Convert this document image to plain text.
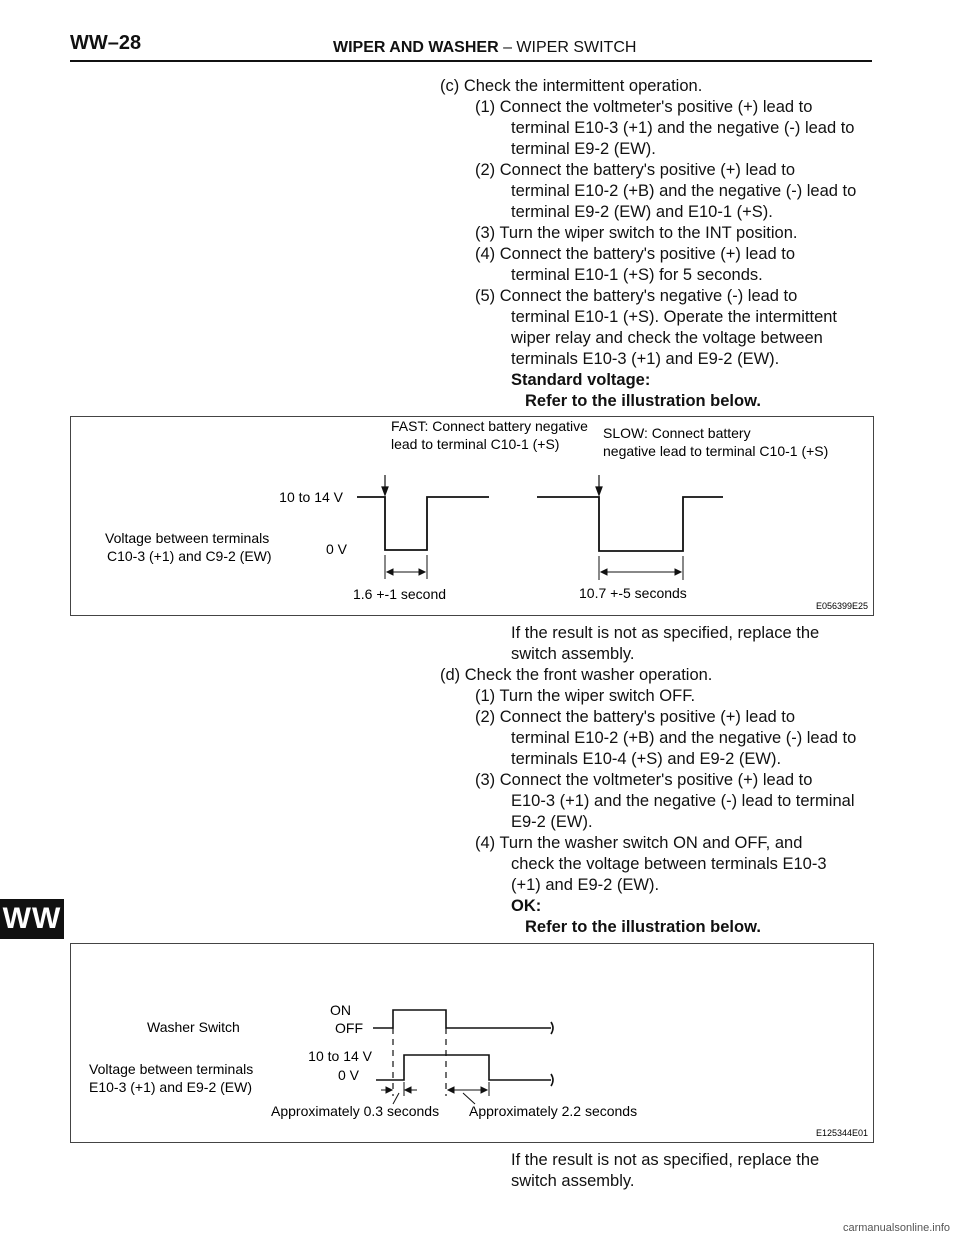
WW–28	WIPER AND WASHER – WIPER SWITCH
WW
(c) Check the intermittent operation.
(1) Connect the voltmeter's positive (+) lead to
terminal E10-3 (+1) and the negative (-) lead to
terminal E9-2 (EW).
(2) Connect the battery's positive (+) lead to
terminal E10-2 (+B) and the negative (-) lead to
terminal E9-2 (EW) and E10-1 (+S).
(3) Turn the wiper switch to the INT position.
(4) Connect the battery's positive (+) lead to
terminal E10-1 (+S) for 5 seconds.
(5) Connect the battery's negative (-) lead to
terminal E10-1 (+S). Operate the intermittent
wiper relay and check the voltage between
terminals E10-3 (+1) and E9-2 (EW).
Standard voltage:
Refer to the illustration below.
FAST: Connect battery negative
lead to terminal C10-1 (+S)
SLOW: Connect battery
negative lead to terminal C10-1 (+S)
10 to 14 V
0 V
Voltage between terminals
C10-3 (+1) and C9-2 (EW)
1.6 +-1 second	10.7 +-5 seconds
E056399E25
If the result is not as specified, replace the
switch assembly.
(d) Check the front washer operation.
(1) Turn the wiper switch OFF.
(2) Connect the battery's positive (+) lead to
terminal E10-2 (+B) and the negative (-) lead to
terminals E10-4 (+S) and E9-2 (EW).
(3) Connect the voltmeter's positive (+) lead to
E10-3 (+1) and the negative (-) lead to terminal
E9-2 (EW).
(4) Turn the washer switch ON and OFF, and
check the voltage between terminals E10-3
(+1) and E9-2 (EW).
OK:
Refer to the illustration below.
Washer Switch
ON
OFF
10 to 14 V
0 V
Voltage between terminals
E10-3 (+1) and E9-2 (EW)
Approximately 0.3 seconds Approximately 2.2 seconds
E125344E01
If the result is not as specified, replace the
switch assembly.
carmanualsonline.info
